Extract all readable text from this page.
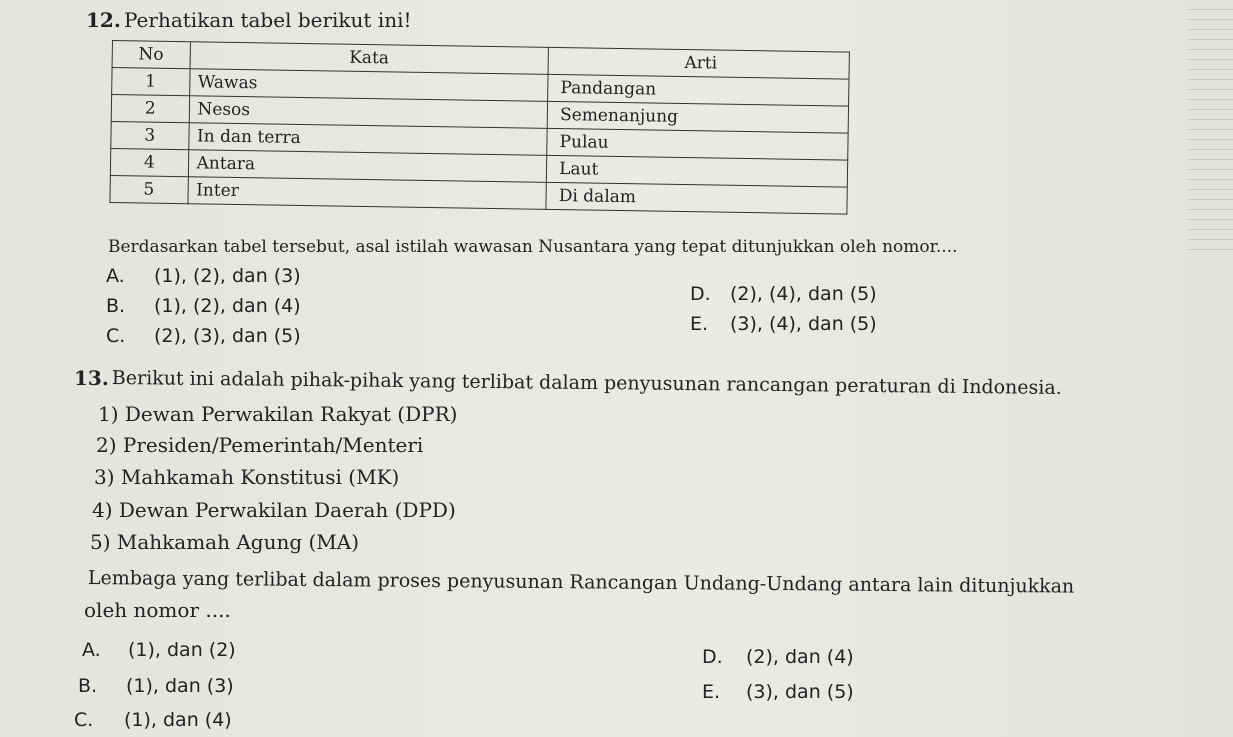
12. Perhatikan tabel berikut ini!
No	Kata	Arti
1	Wawas	Pandangan
2	Nesos	Semenanjung
3	In dan terra	Pulau
4	Antara	Laut
5	Inter	Di dalam
Berdasarkan tabel tersebut, asal istilah wawasan Nusantara yang tepat ditunjukkan oleh nomor....
A. (1), (2), dan (3)
B. (1), (2), dan (4)
C. (2), (3), dan (5)
D. (2), (4), dan (5)
E. (3), (4), dan (5)
13. Berikut ini adalah pihak-pihak yang terlibat dalam penyusunan rancangan peraturan di Indonesia.
1) Dewan Perwakilan Rakyat (DPR)
2) Presiden/Pemerintah/Menteri
3) Mahkamah Konstitusi (MK)
4) Dewan Perwakilan Daerah (DPD)
5) Mahkamah Agung (MA)
Lembaga yang terlibat dalam proses penyusunan Rancangan Undang-Undang antara lain ditunjukkan
oleh nomor ....
A. (1), dan (2)
B. (1), dan (3)
C. (1), dan (4)
D. (2), dan (4)
E. (3), dan (5)
